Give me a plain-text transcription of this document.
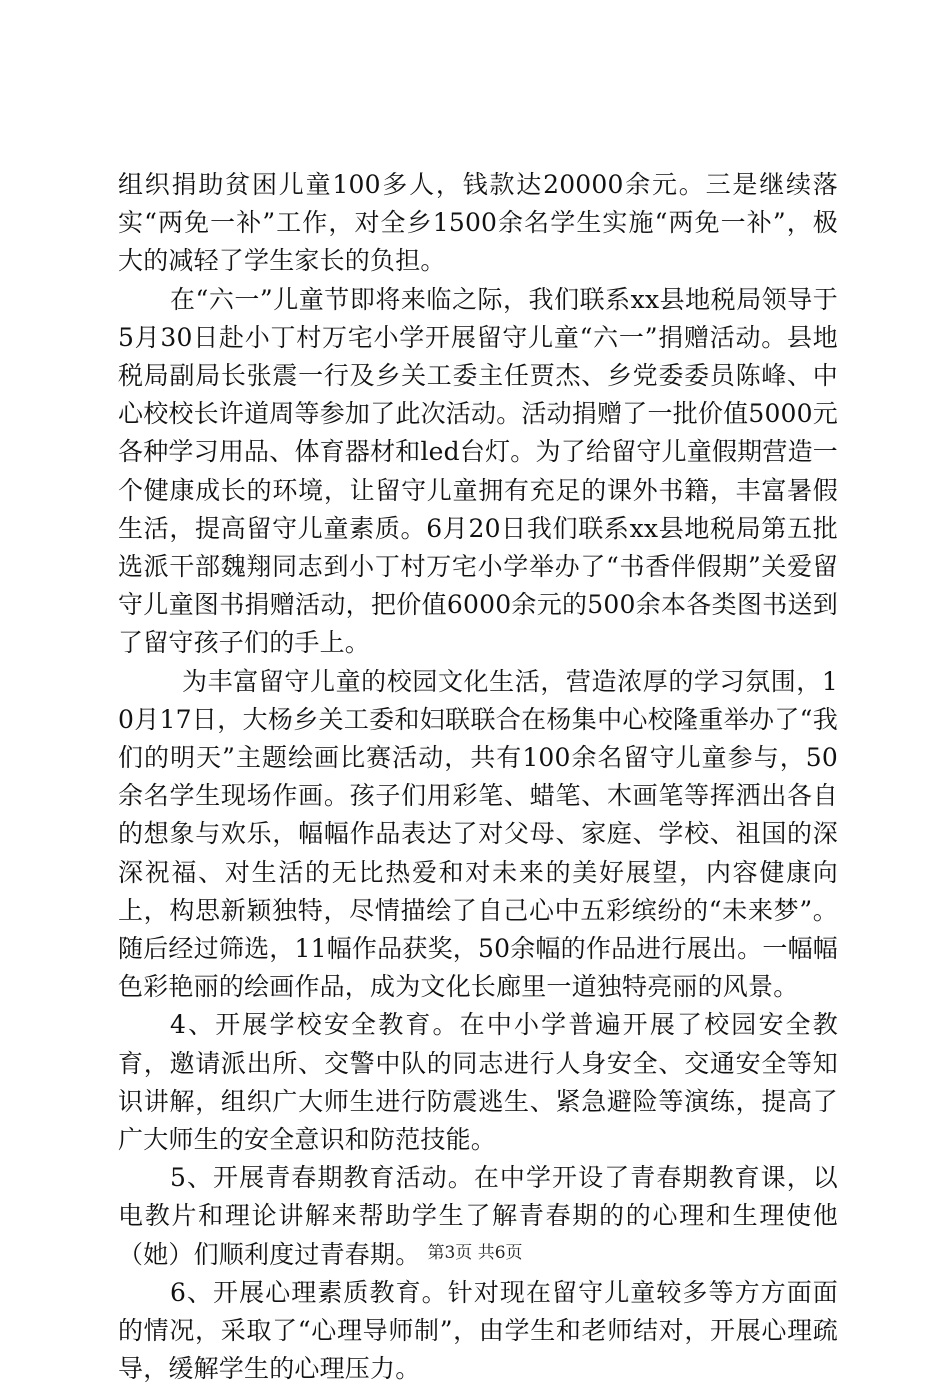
组织捐助贫困儿童100多人，钱款达20000余元。三是继续落实“两免一补”工作，对全乡1500余名学生实施“两免一补”，极大的减轻了学生家长的负担。

在“六一”儿童节即将来临之际，我们联系xx县地税局领导于5月30日赴小丁村万宅小学开展留守儿童“六一”捐赠活动。县地税局副局长张震一行及乡关工委主任贾杰、乡党委委员陈峰、中心校校长许道周等参加了此次活动。活动捐赠了一批价值5000元各种学习用品、体育器材和led台灯。为了给留守儿童假期营造一个健康成长的环境，让留守儿童拥有充足的课外书籍，丰富暑假生活，提高留守儿童素质。6月20日我们联系xx县地税局第五批选派干部魏翔同志到小丁村万宅小学举办了“书香伴假期”关爱留守儿童图书捐赠活动，把价值6000余元的500余本各类图书送到了留守孩子们的手上。

为丰富留守儿童的校园文化生活，营造浓厚的学习氛围，10月17日，大杨乡关工委和妇联联合在杨集中心校隆重举办了“我们的明天”主题绘画比赛活动，共有100余名留守儿童参与，50余名学生现场作画。孩子们用彩笔、蜡笔、木画笔等挥洒出各自的想象与欢乐，幅幅作品表达了对父母、家庭、学校、祖国的深深祝福、对生活的无比热爱和对未来的美好展望，内容健康向上，构思新颖独特，尽情描绘了自己心中五彩缤纷的“未来梦”。随后经过筛选，11幅作品获奖，50余幅的作品进行展出。一幅幅色彩艳丽的绘画作品，成为文化长廊里一道独特亮丽的风景。

4、开展学校安全教育。在中小学普遍开展了校园安全教育，邀请派出所、交警中队的同志进行人身安全、交通安全等知识讲解，组织广大师生进行防震逃生、紧急避险等演练，提高了广大师生的安全意识和防范技能。

5、开展青春期教育活动。在中学开设了青春期教育课，以电教片和理论讲解来帮助学生了解青春期的的心理和生理使他（她）们顺利度过青春期。

6、开展心理素质教育。针对现在留守儿童较多等方方面面的情况，采取了“心理导师制”，由学生和老师结对，开展心理疏导，缓解学生的心理压力。

第3页 共6页
